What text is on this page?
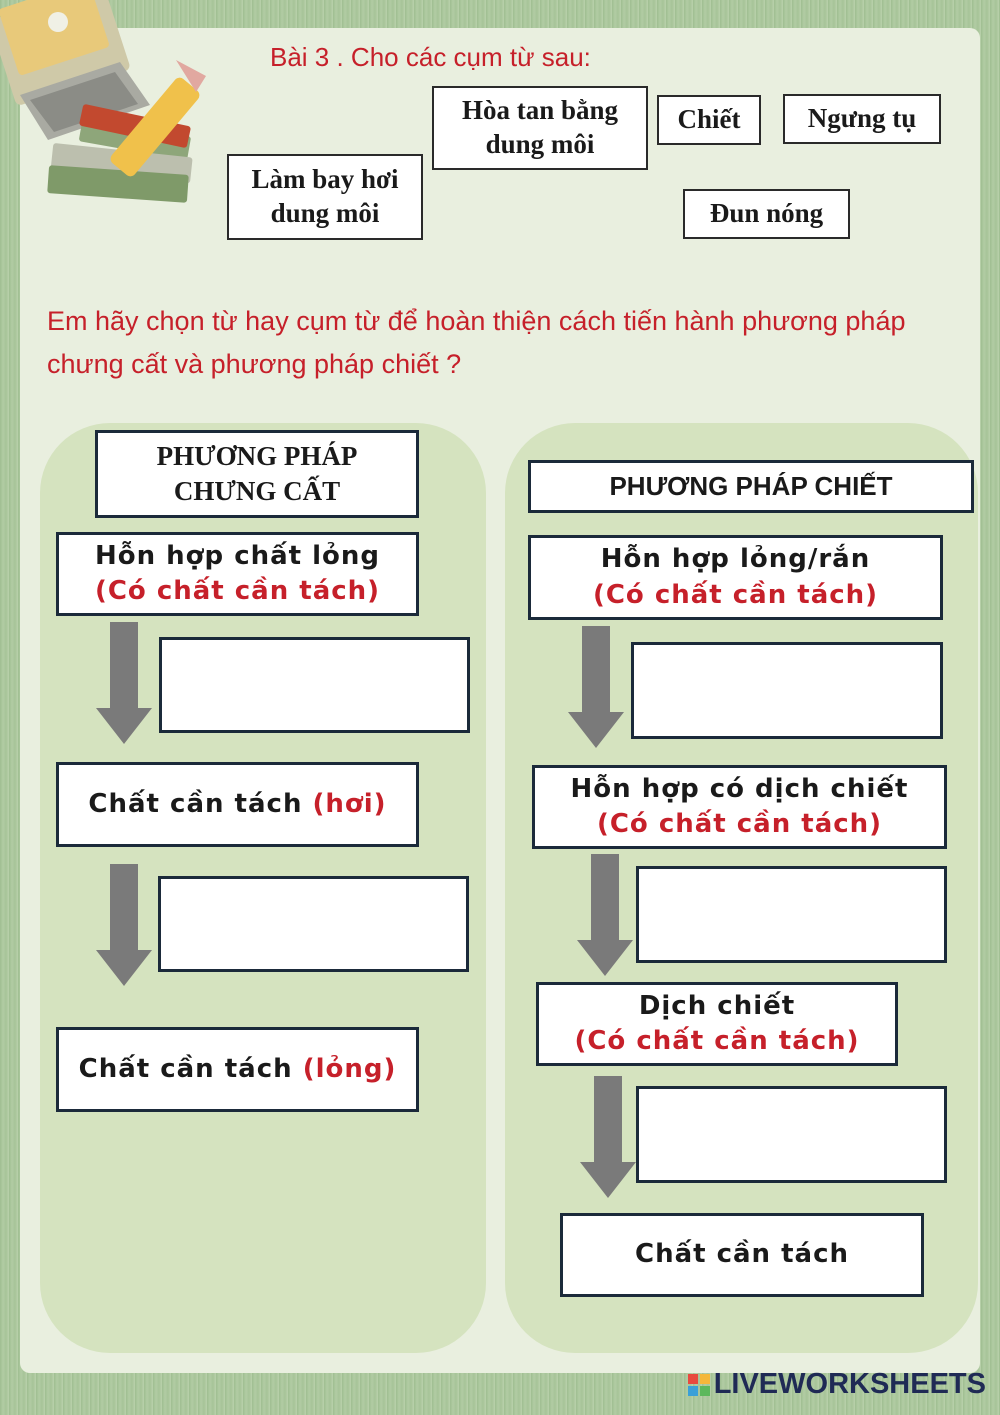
Bài 3 . Cho các cụm từ sau:
Hòa tan bằng dung môi
Chiết	Ngưng tụ
Làm bay hơi dung môi	Đun nóng
Em hãy chọn từ hay cụm từ để hoàn thiện cách tiến hành phương pháp chưng cất và phương pháp chiết ?
PHƯƠNG PHÁP CHƯNG CẤT
Hỗn hợp chất lỏng
(Có chất cần tách)
Chất cần tách (hơi)
Chất cần tách (lỏng)
PHƯƠNG PHÁP CHIẾT
Hỗn hợp lỏng/rắn
(Có chất cần tách)
Hỗn hợp có dịch chiết
(Có chất cần tách)
Dịch chiết
(Có chất cần tách)
Chất cần tách
LIVEWORKSHEETS
